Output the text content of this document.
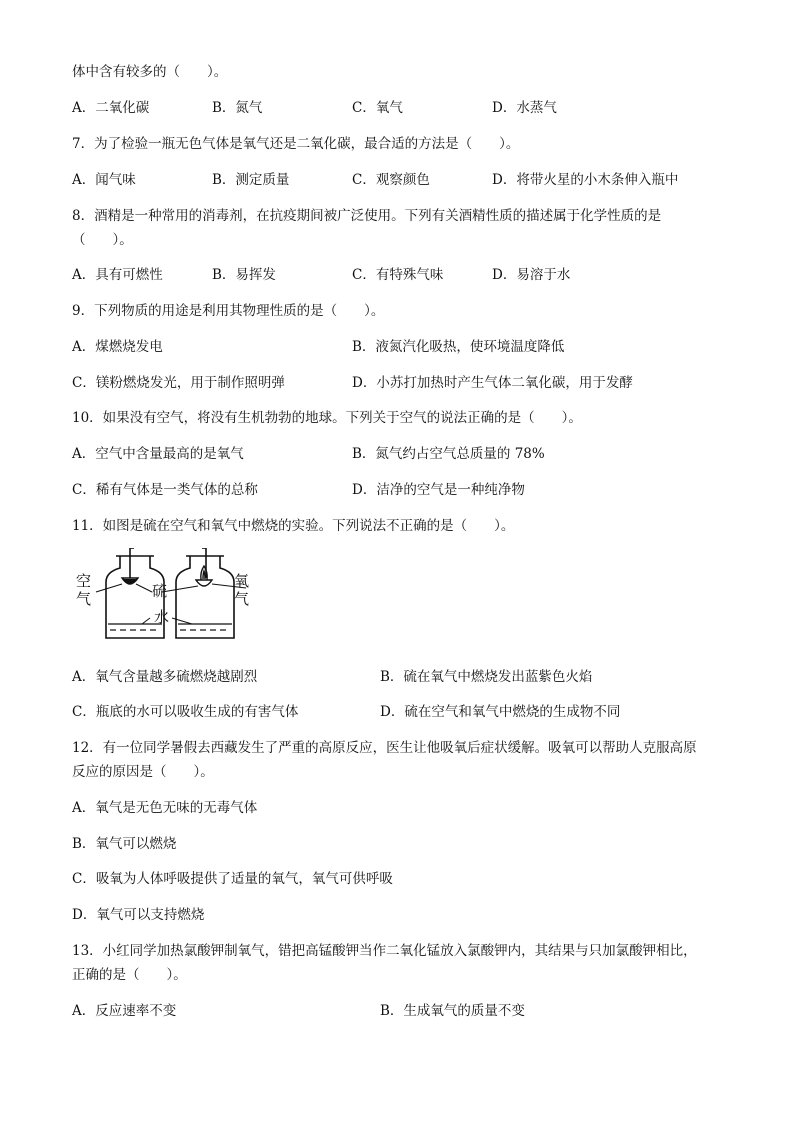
体中含有较多的（　　）。
A．二氧化碳	B．氮气	C．氧气	D．水蒸气
7．为了检验一瓶无色气体是氧气还是二氧化碳，最合适的方法是（　　）。
A．闻气味	B．测定质量	C．观察颜色	D．将带火星的小木条伸入瓶中
8．酒精是一种常用的消毒剂，在抗疫期间被广泛使用。下列有关酒精性质的描述属于化学性质的是
（　　）。
A．具有可燃性	B．易挥发	C．有特殊气味	D．易溶于水
9．下列物质的用途是利用其物理性质的是（　　）。
A．煤燃烧发电	B．液氮汽化吸热，使环境温度降低
C．镁粉燃烧发光，用于制作照明弹	D．小苏打加热时产生气体二氧化碳，用于发酵
10．如果没有空气，将没有生机勃勃的地球。下列关于空气的说法正确的是（　　）。
A．空气中含量最高的是氧气	B．氮气约占空气总质量的 78%
C．稀有气体是一类气体的总称	D．洁净的空气是一种纯净物
11．如图是硫在空气和氧气中燃烧的实验。下列说法不正确的是（　　）。
空
气	硫
水
氧
气
A．氧气含量越多硫燃烧越剧烈	B．硫在氧气中燃烧发出蓝紫色火焰
C．瓶底的水可以吸收生成的有害气体	D．硫在空气和氧气中燃烧的生成物不同
12．有一位同学暑假去西藏发生了严重的高原反应，医生让他吸氧后症状缓解。吸氧可以帮助人克服高原
反应的原因是（　　）。
A．氧气是无色无味的无毒气体
B．氧气可以燃烧
C．吸氧为人体呼吸提供了适量的氧气，氧气可供呼吸
D．氧气可以支持燃烧
13．小红同学加热氯酸钾制氧气，错把高锰酸钾当作二氧化锰放入氯酸钾内，其结果与只加氯酸钾相比，
正确的是（　　）。
A．反应速率不变	B．生成氧气的质量不变
